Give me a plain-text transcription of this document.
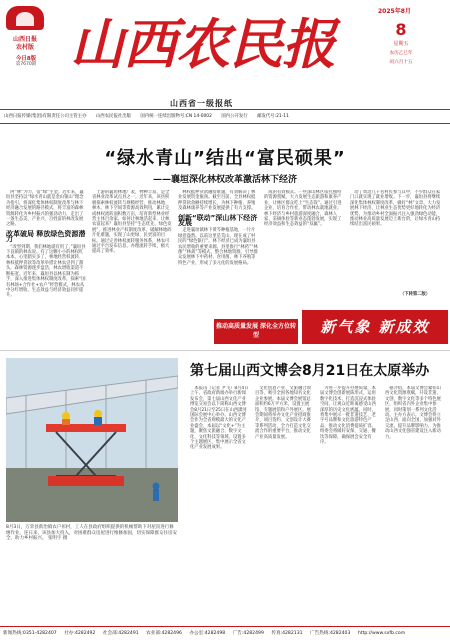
山西日报
农村版
今日8版
第7670期 山西农民报
山西省一级报纸
2025年8月
8
星期五
农历乙巳年
闰六月十五
山西日报传媒(集团)有限责任公司主管主办 山西农民报社出版 国内统一连续出版物号:CN 14-0002 国内公开发行 邮发代号:21-11
“绿水青山”结出“富民硕果”
——襄垣深化林权改革激活林下经济
阿“林”为力，借“绿”生金。近年来，襄垣县坚持以“绿水青山就是金山银山”理念为指引，将深化集体林权制度改革与林下经济融合发展的路径模式，将丰富的森林资源转化为乡村振兴的强劲动力，走出了一条生态美、产业兴、百姓富的林改发展之路。
改革破局 释放绿色资源潜力
“改型到期，我们林地就有用了，”襄垣县下良镇的林农说。有了这颗小小的林权红本本，心里踏实多了，林地经营权流转、林权抵押贷款等改革举措让林农尝到了甜头，森林资源逐步盘活，林农增收渠道不断拓宽。近年来，襄垣县以林长制为抓手，深入推进集体林权制度改革，探索“国有林场+合作社+农户”经营模式，林农从中分红增收，生态效益与经济效益同步提升。
上游的襄垣林地广袤，物种丰富，是全省林业改革试点县之一。近年来，该县积极探索林权流转与规模经营，推动林地、林木、林下空间等资源高效利用，累计完成林权流转面积数万亩，培育新型林业经营主体百余家。如何让林地活起来、让林农富起来？襄垣县坚持“生态优先、绿色发展”，推进林业产权制度改革，破解林地碎片化难题，实现了山更绿、民更富的目标。通过完善林权流转服务体系，林农可通过平台发布信息、办理流转手续，极大提高了效率。
林权抵押贷款融资难题，有效解决了林业发展资金瓶颈。截至目前，全县林权抵押贷款余额持续增长，为林下种植、养殖及森林康养等产业发展提供了有力支撑。
创新“联动”深山林下经济发展
走进襄垣镇林下黄芩种植基地，一片片绿意盎然。以前这里是荒山，现在成了村民的“绿色银行”。林下经济已成为襄垣县农民增收的重要来源。县里推行“林药”“林菌”“林禽”等模式，整合林地资源，引导群众发展林下中药材、食用菌、林下养殖等特色产业，形成了多元化的发展格局。
成的有效模式。一些深山林区依托独特的资源禀赋，大力发展生态旅游和康养产业，让林区群众吃上“生态饭”。通过引进企业、培育合作社，带动林农就地就业。林下经济与乡村旅游深度融合，森林人家、采摘体验等新业态蓬勃发展，实现了经济效益和生态效益的“双赢”。
动了周边几千名村民参与其中，不少群众在家门口就实现了就业增收。下一步，襄垣县将继续深化集体林权制度改革，做好“林”文章，大力发展林下经济，让林业生态优势更好地转化为经济优势，为推动乡村全面振兴注入强劲绿色动能，推动林业高质量发展迈上新台阶，让绿水青山持续结出富民硕果。
（下转第二版）
推动高质量发展 深化全方位转型	新气象 新成效
8月3日，万荣县新治镇农户祁村，工人在县政府组织提供的机械帮助下对屋顶进行修缮作业。连日来，该县加大投入，对困难群众房屋进行维修加固，切实保障群众住房安全，助力乡村振兴。 张明宇 摄
第七届山西文博会8月21日在太原举办
本报讯（记者 尹飞）8月4日上午，省政府新闻办举行新闻发布会，第七届山西文化产业博览交易会以下简称山西文博会8月21日至25日在山西潇河国际会展中心举办。山西文博会作为全省规模最大的文化产业盛会，本届以“文化+”为主题，聚焦文旅融合、数字文化、文化科技等领域，设置多个主题展区，集中展示全省文化产业发展成果。
文化创意产业、文旅融合项目等，吸引全国各地知名文化企业参展。本届文博会展馆总面积约6万平方米，设置主展馆、专题展馆和户外展区。展会期间将举办文化产业招商推介、项目签约、文创设计大赛等系列活动，全力打造文化交流合作的重要平台，推动文化产业高质量发展。
为进一步提升办展质量，本届文博会创新展陈形式，运用数字化技术，打造沉浸式体验空间，让观众近距离感受山西深厚的历史文化底蕴。同时，将集中展示一批非遗技艺、老字号品牌和文化旅游特色产品，推动文化消费提质扩容。组委会将做好安保、交通、餐饮等保障，确保展会安全有序。
据介绍，本届文博会紧扣山西文化资源禀赋，开设非遗、文创、数字文化等多个特色展区，组织省内外企业集中参展，同时策划一系列文化活动。主办方表示，文博会将立足山西、面向全国，加强对外交流，提升品牌影响力，为推动山西文化强省建设注入新动力。
新闻热线:0351-4282407 社办:4282492 社会部:4282491 农业部:4282496 办公室:4282498 广告:4282499 传真:4282131 广告热线:4282403 http://www.sxfb.com
